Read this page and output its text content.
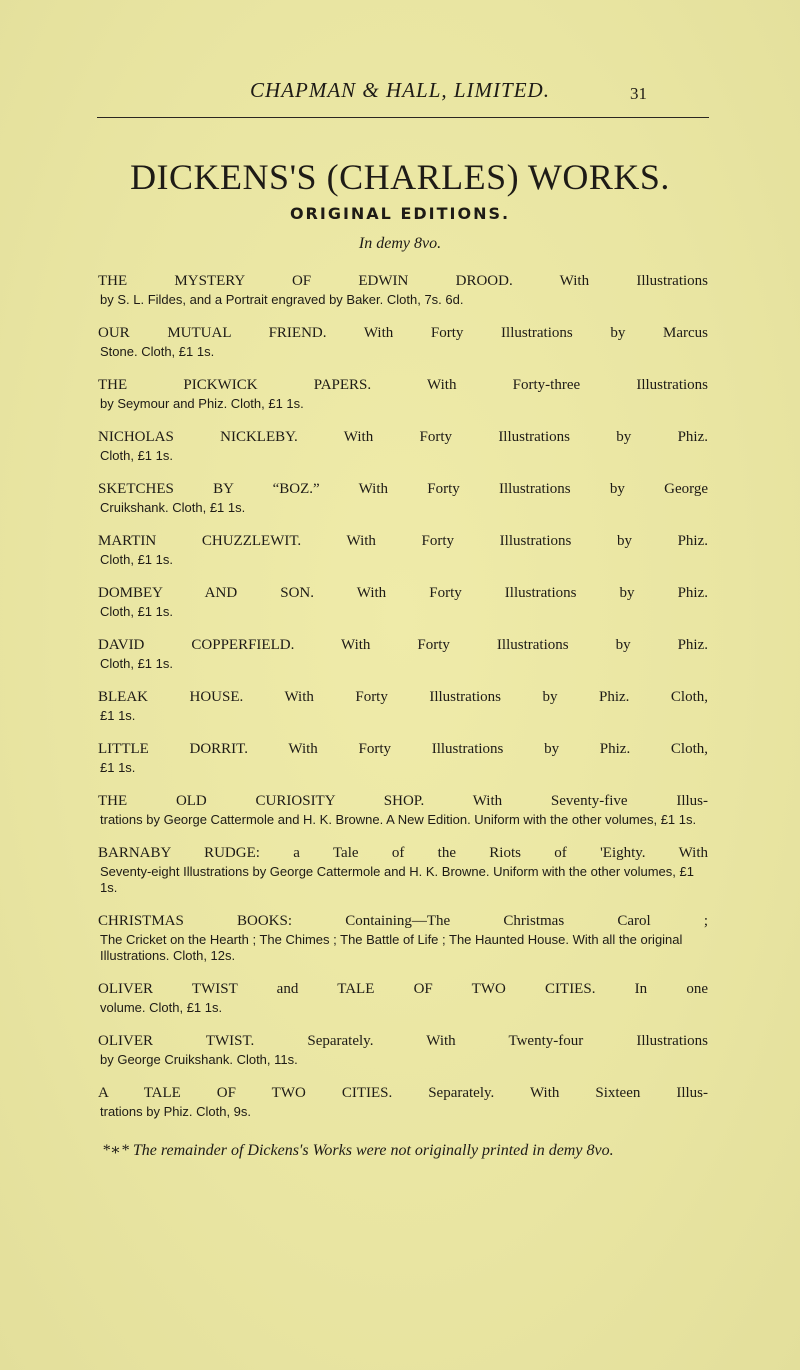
CHAPMAN & HALL, LIMITED.	31
DICKENS'S (CHARLES) WORKS.
ORIGINAL EDITIONS.
In demy 8vo.
THE MYSTERY OF EDWIN DROOD. With Illustrations
by S. L. Fildes, and a Portrait engraved by Baker. Cloth, 7s. 6d.
OUR MUTUAL FRIEND. With Forty Illustrations by Marcus
Stone. Cloth, £1 1s.
THE PICKWICK PAPERS. With Forty-three Illustrations
by Seymour and Phiz. Cloth, £1 1s.
NICHOLAS NICKLEBY. With Forty Illustrations by Phiz.
Cloth, £1 1s.
SKETCHES BY “BOZ.” With Forty Illustrations by George
Cruikshank. Cloth, £1 1s.
MARTIN CHUZZLEWIT. With Forty Illustrations by Phiz.
Cloth, £1 1s.
DOMBEY AND SON. With Forty Illustrations by Phiz.
Cloth, £1 1s.
DAVID COPPERFIELD. With Forty Illustrations by Phiz.
Cloth, £1 1s.
BLEAK HOUSE. With Forty Illustrations by Phiz. Cloth,
£1 1s.
LITTLE DORRIT. With Forty Illustrations by Phiz. Cloth,
£1 1s.
THE OLD CURIOSITY SHOP. With Seventy-five Illus-
trations by George Cattermole and H. K. Browne. A New Edition. Uniform with the other volumes, £1 1s.
BARNABY RUDGE: a Tale of the Riots of 'Eighty. With
Seventy-eight Illustrations by George Cattermole and H. K. Browne. Uniform with the other volumes, £1 1s.
CHRISTMAS BOOKS: Containing—The Christmas Carol ;
The Cricket on the Hearth ; The Chimes ; The Battle of Life ; The Haunted House. With all the original Illustrations. Cloth, 12s.
OLIVER TWIST and TALE OF TWO CITIES. In one
volume. Cloth, £1 1s.
OLIVER TWIST. Separately. With Twenty-four Illustrations
by George Cruikshank. Cloth, 11s.
A TALE OF TWO CITIES. Separately. With Sixteen Illus-
trations by Phiz. Cloth, 9s.
*∗* The remainder of Dickens's Works were not originally printed in demy 8vo.
